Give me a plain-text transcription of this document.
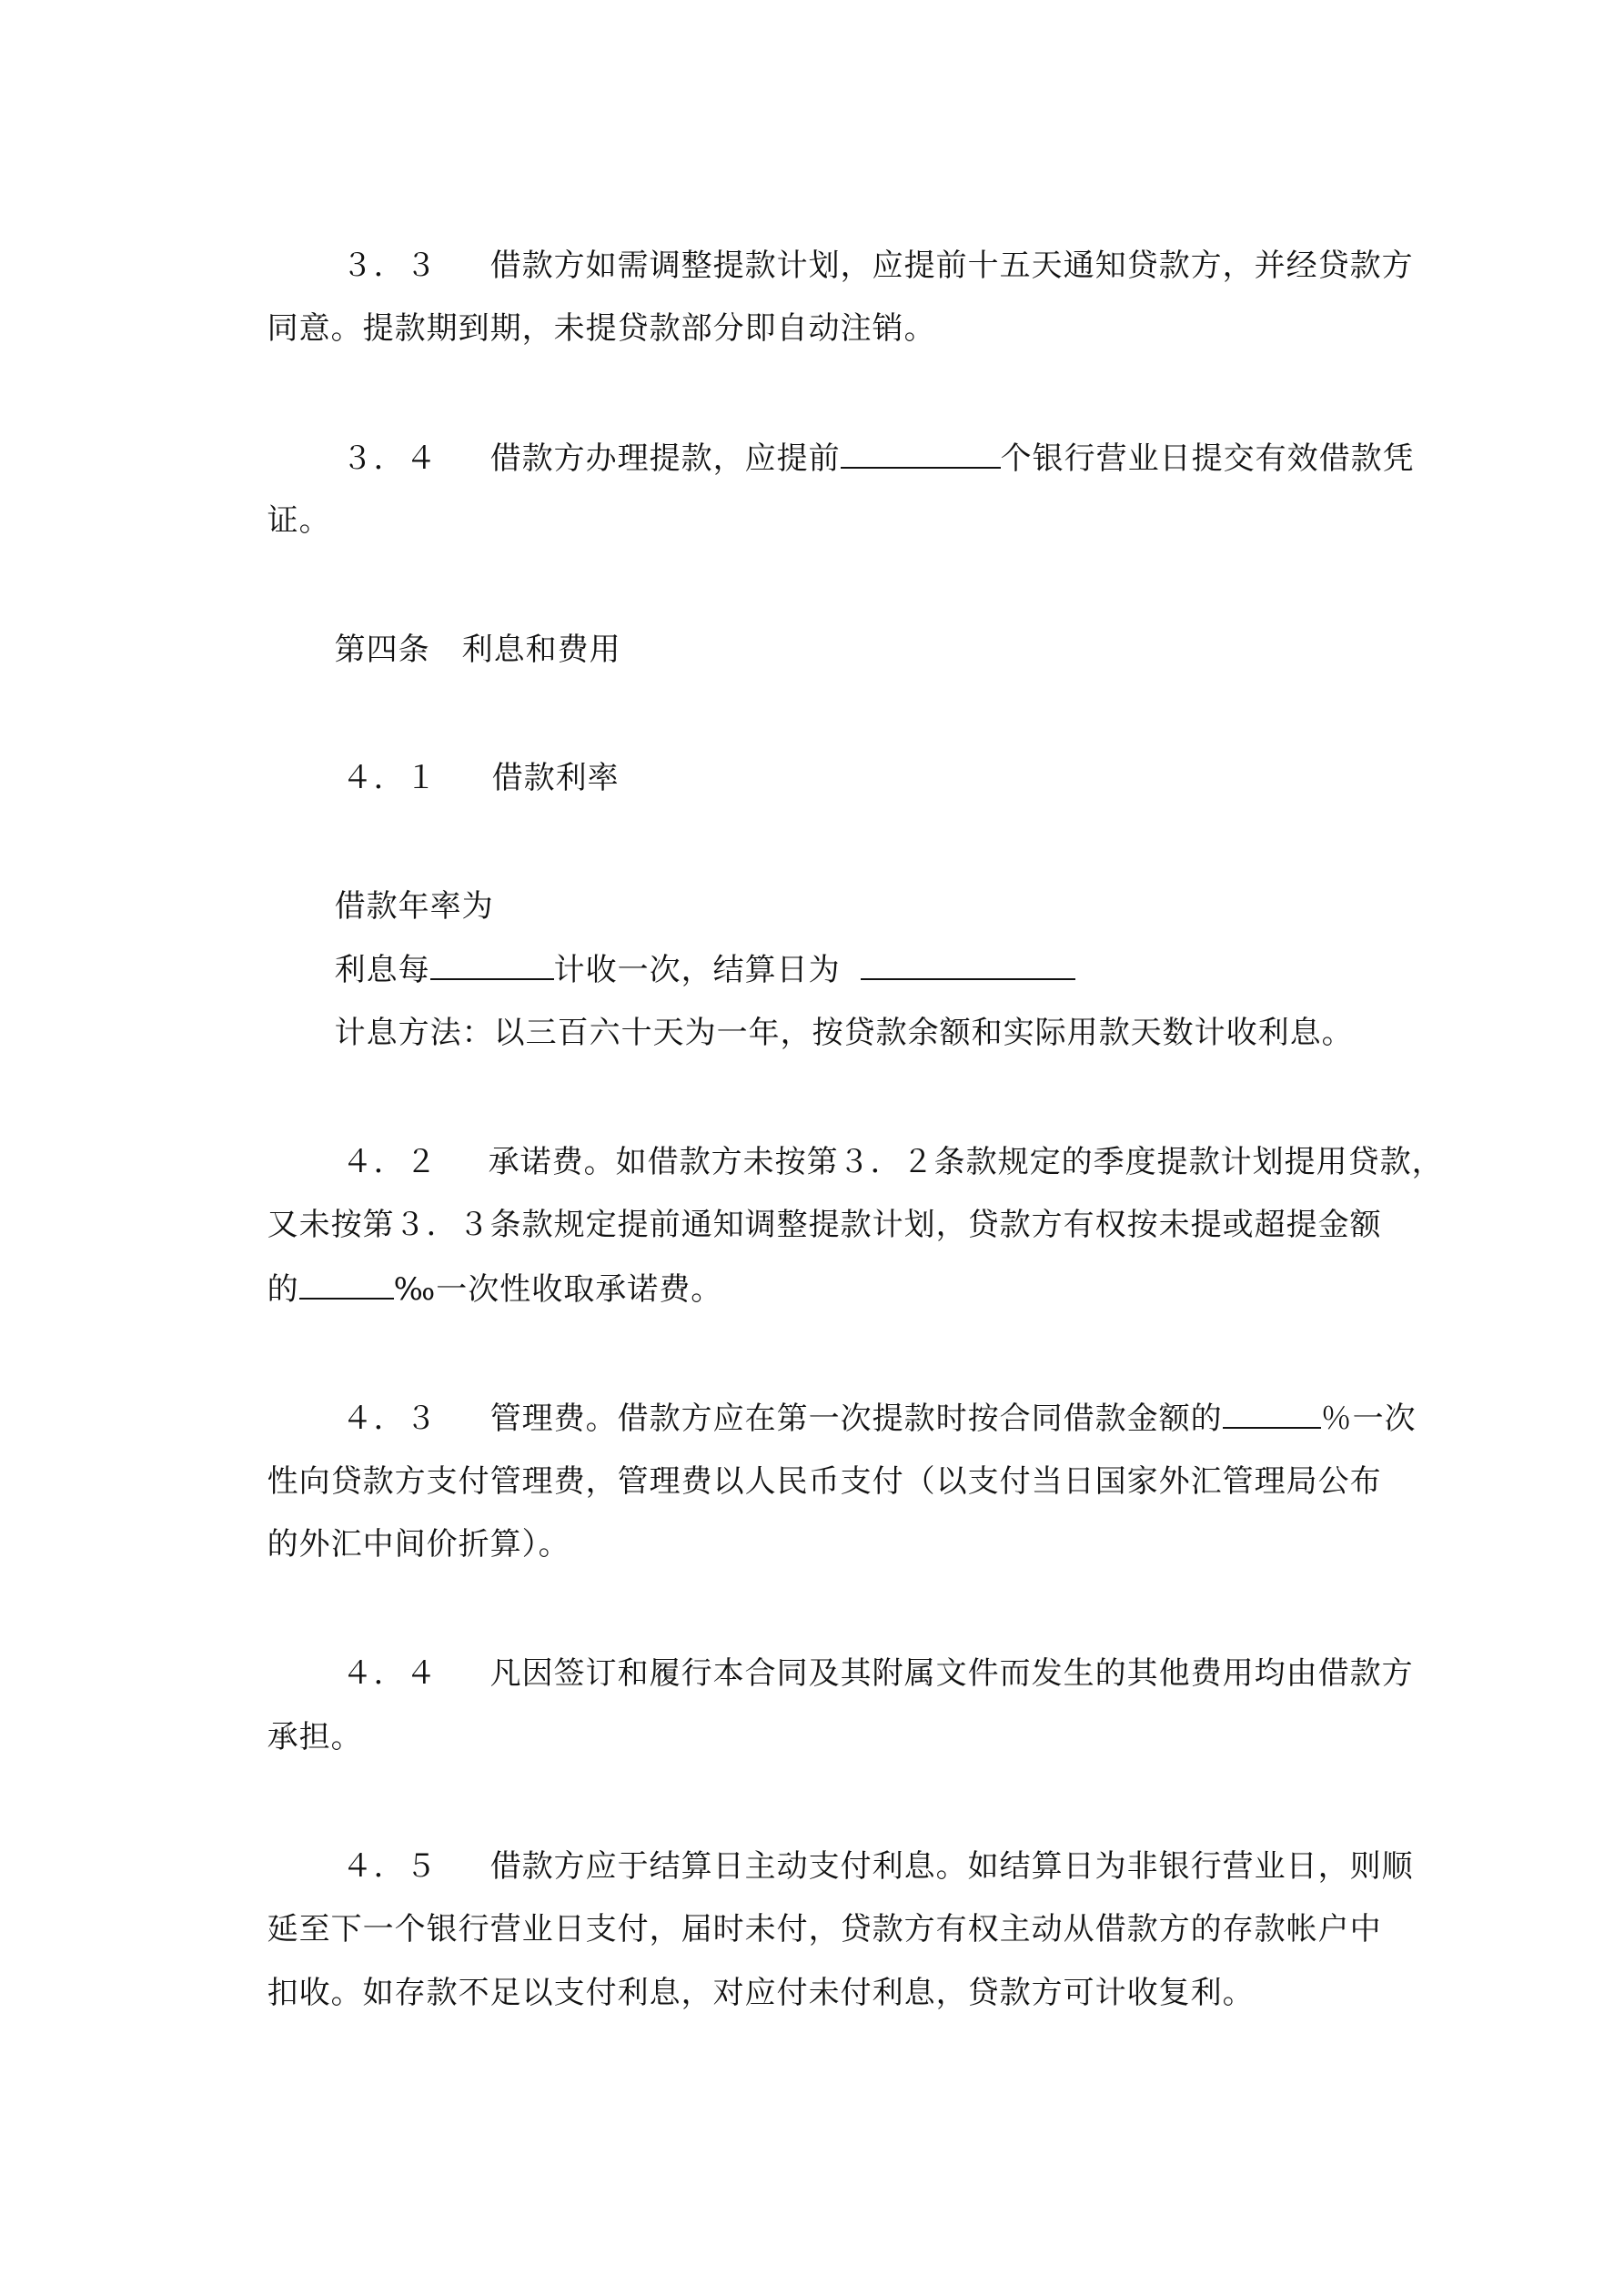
３．３ 借款方如需调整提款计划，应提前十五天通知贷款方，并经贷款方

同意。提款期到期，未提贷款部分即自动注销。

３．４ 借款方办理提款，应提前	个银行营业日提交有效借款凭

证。

第四条　利息和费用

４．１ 借款利率

借款年率为

利息每	计收一次，结算日为

计息方法：以三百六十天为一年，按贷款余额和实际用款天数计收利息。

４．２ 承诺费。如借款方未按第３．２条款规定的季度提款计划提用贷款，

又未按第３．３条款规定提前通知调整提款计划，贷款方有权按未提或超提金额

的	‰一次性收取承诺费。

４．３ 管理费。借款方应在第一次提款时按合同借款金额的	％一次

性向贷款方支付管理费，管理费以人民币支付（以支付当日国家外汇管理局公布

的外汇中间价折算）。

４．４ 凡因签订和履行本合同及其附属文件而发生的其他费用均由借款方

承担。

４．５ 借款方应于结算日主动支付利息。如结算日为非银行营业日，则顺

延至下一个银行营业日支付，届时未付，贷款方有权主动从借款方的存款帐户中

扣收。如存款不足以支付利息，对应付未付利息，贷款方可计收复利。
